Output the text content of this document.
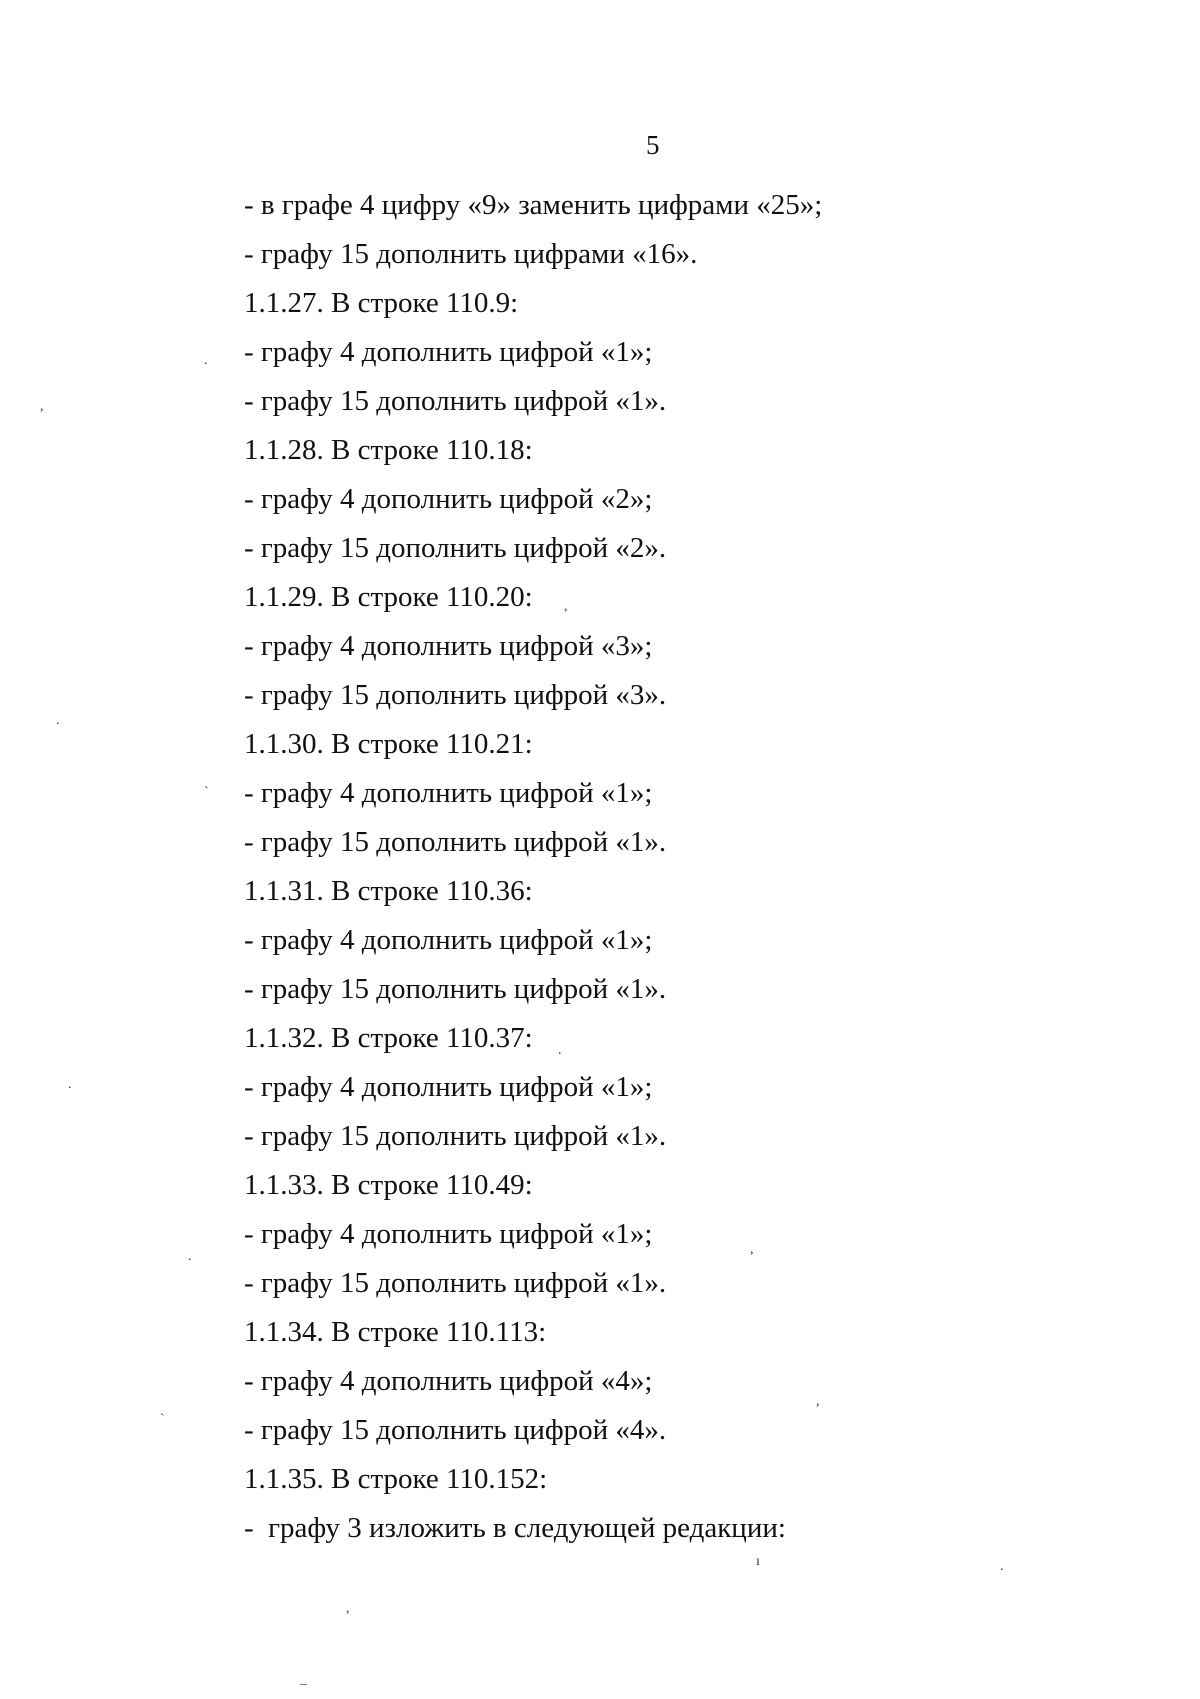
5
- в графе 4 цифру «9» заменить цифрами «25»;
- графу 15 дополнить цифрами «16».
1.1.27. В строке 110.9:
- графу 4 дополнить цифрой «1»;
- графу 15 дополнить цифрой «1».
1.1.28. В строке 110.18:
- графу 4 дополнить цифрой «2»;
- графу 15 дополнить цифрой «2».
1.1.29. В строке 110.20:
- графу 4 дополнить цифрой «3»;
- графу 15 дополнить цифрой «3».
1.1.30. В строке 110.21:
- графу 4 дополнить цифрой «1»;
- графу 15 дополнить цифрой «1».
1.1.31. В строке 110.36:
- графу 4 дополнить цифрой «1»;
- графу 15 дополнить цифрой «1».
1.1.32. В строке 110.37:
- графу 4 дополнить цифрой «1»;
- графу 15 дополнить цифрой «1».
1.1.33. В строке 110.49:
- графу 4 дополнить цифрой «1»;
- графу 15 дополнить цифрой «1».
1.1.34. В строке 110.113:
- графу 4 дополнить цифрой «4»;
- графу 15 дополнить цифрой «4».
1.1.35. В строке 110.152:
-  графу 3 изложить в следующей редакции:
.
,
,
.
`
.
.
.	,
,
`
ı	.
,
_
